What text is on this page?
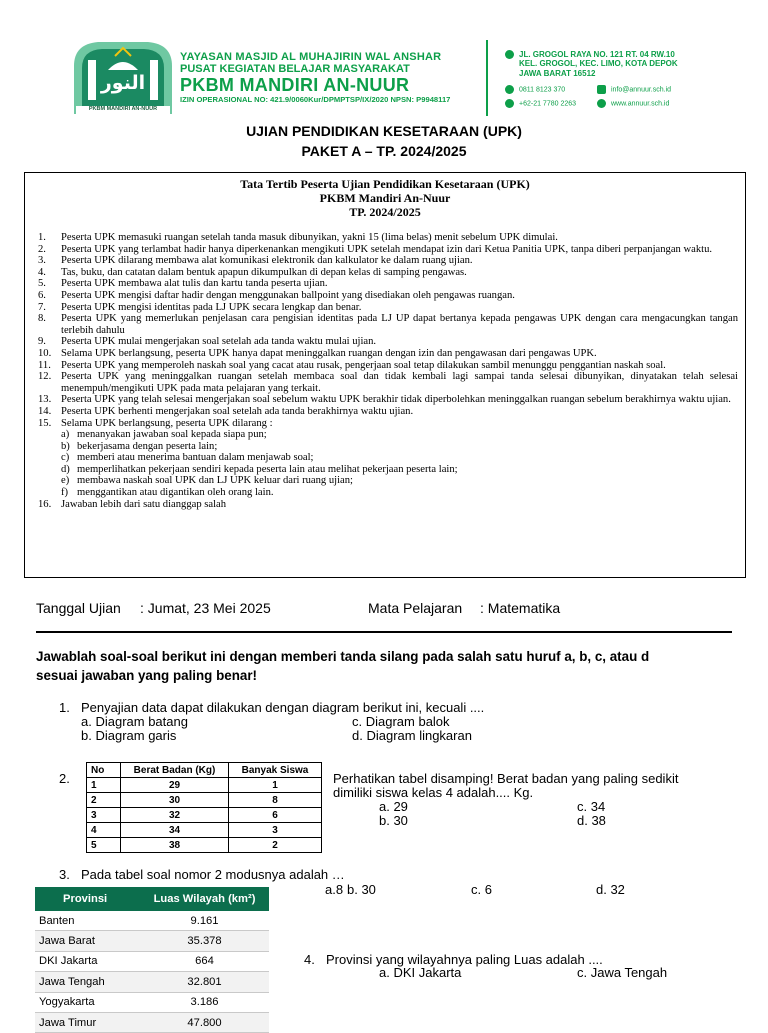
النور
PKBM MANDIRI AN-NUUR
YAYASAN MASJID AL MUHAJIRIN WAL ANSHAR
PUSAT KEGIATAN BELAJAR MASYARAKAT
PKBM MANDIRI AN-NUUR
IZIN OPERASIONAL NO: 421.9/0060Kur/DPMPTSP/IX/2020 NPSN: P9948117
JL. GROGOL RAYA NO. 121 RT. 04 RW.10
KEL. GROGOL, KEC. LIMO, KOTA DEPOK
JAWA BARAT 16512
0811 8123 370	info@annuur.sch.id
+62-21 7780 2263	www.annuur.sch.id
UJIAN PENDIDIKAN KESETARAAN (UPK)
PAKET A – TP. 2024/2025
Tata Tertib Peserta Ujian Pendidikan Kesetaraan (UPK)
PKBM Mandiri An-Nuur
TP. 2024/2025
1.	Peserta UPK memasuki ruangan setelah tanda masuk dibunyikan, yakni 15 (lima belas) menit sebelum UPK dimulai.
2.	Peserta UPK yang terlambat hadir hanya diperkenankan mengikuti UPK setelah mendapat izin dari Ketua Panitia UPK, tanpa diberi perpanjangan waktu.
3.	Peserta UPK dilarang membawa alat komunikasi elektronik dan kalkulator ke dalam ruang ujian.
4.	Tas, buku, dan catatan dalam bentuk apapun dikumpulkan di depan kelas di samping pengawas.
5.	Peserta UPK membawa alat tulis dan kartu tanda peserta ujian.
6.	Peserta UPK mengisi daftar hadir dengan menggunakan ballpoint yang disediakan oleh pengawas ruangan.
7.	Peserta UPK mengisi identitas pada LJ UPK secara lengkap dan benar.
8.	Peserta UPK yang memerlukan penjelasan cara pengisian identitas pada LJ UP dapat bertanya kepada pengawas UPK dengan cara mengacungkan tangan terlebih dahulu
9.	Peserta UPK mulai mengerjakan soal setelah ada tanda waktu mulai ujian.
10. Selama UPK berlangsung, peserta UPK hanya dapat meninggalkan ruangan dengan izin dan pengawasan dari pengawas UPK.
11. Peserta UPK yang memperoleh naskah soal yang cacat atau rusak, pengerjaan soal tetap dilakukan sambil menunggu penggantian naskah soal.
12. Peserta UPK yang meninggalkan ruangan setelah membaca soal dan tidak kembali lagi sampai tanda selesai dibunyikan, dinyatakan telah selesai menempuh/mengikuti UPK pada mata pelajaran yang terkait.
13. Peserta UPK yang telah selesai mengerjakan soal sebelum waktu UPK berakhir tidak diperbolehkan meninggalkan ruangan sebelum berakhirnya waktu ujian.
14. Peserta UPK berhenti mengerjakan soal setelah ada tanda berakhirnya waktu ujian.
15. Selama UPK berlangsung, peserta UPK dilarang :
a) menanyakan jawaban soal kepada siapa pun;
b) bekerjasama dengan peserta lain;
c) memberi atau menerima bantuan dalam menjawab soal;
d) memperlihatkan pekerjaan sendiri kepada peserta lain atau melihat pekerjaan peserta lain;
e) membawa naskah soal UPK dan LJ UPK keluar dari ruang ujian;
f) menggantikan atau digantikan oleh orang lain.
16. Jawaban lebih dari satu dianggap salah
Tanggal Ujian : Jumat, 23 Mei 2025	Mata Pelajaran : Matematika
Jawablah soal-soal berikut ini dengan memberi tanda silang pada salah satu huruf a, b, c, atau d
sesuai jawaban yang paling benar!
1. Penyajian data dapat dilakukan dengan diagram berikut ini, kecuali ....
a. Diagram batang
b. Diagram garis
c. Diagram balok
d. Diagram lingkaran
2.
No	Berat Badan (Kg)	Banyak Siswa
1	29	1
2	30	8
3	32	6
4	34	3
5	38	2
Perhatikan tabel disamping! Berat badan yang paling sedikit
dimiliki siswa kelas 4 adalah.... Kg.
a. 29
b. 30
c. 34
d. 38
3. Pada tabel soal nomor 2 modusnya adalah …
a.8 b. 30	c. 6	d. 32
Provinsi	Luas Wilayah (km²)
Banten	9.161
Jawa Barat	35.378
DKI Jakarta	664
Jawa Tengah	32.801
Yogyakarta	3.186
Jawa Timur	47.800
4. Provinsi yang wilayahnya paling Luas adalah ....
a. DKI Jakarta	c. Jawa Tengah
